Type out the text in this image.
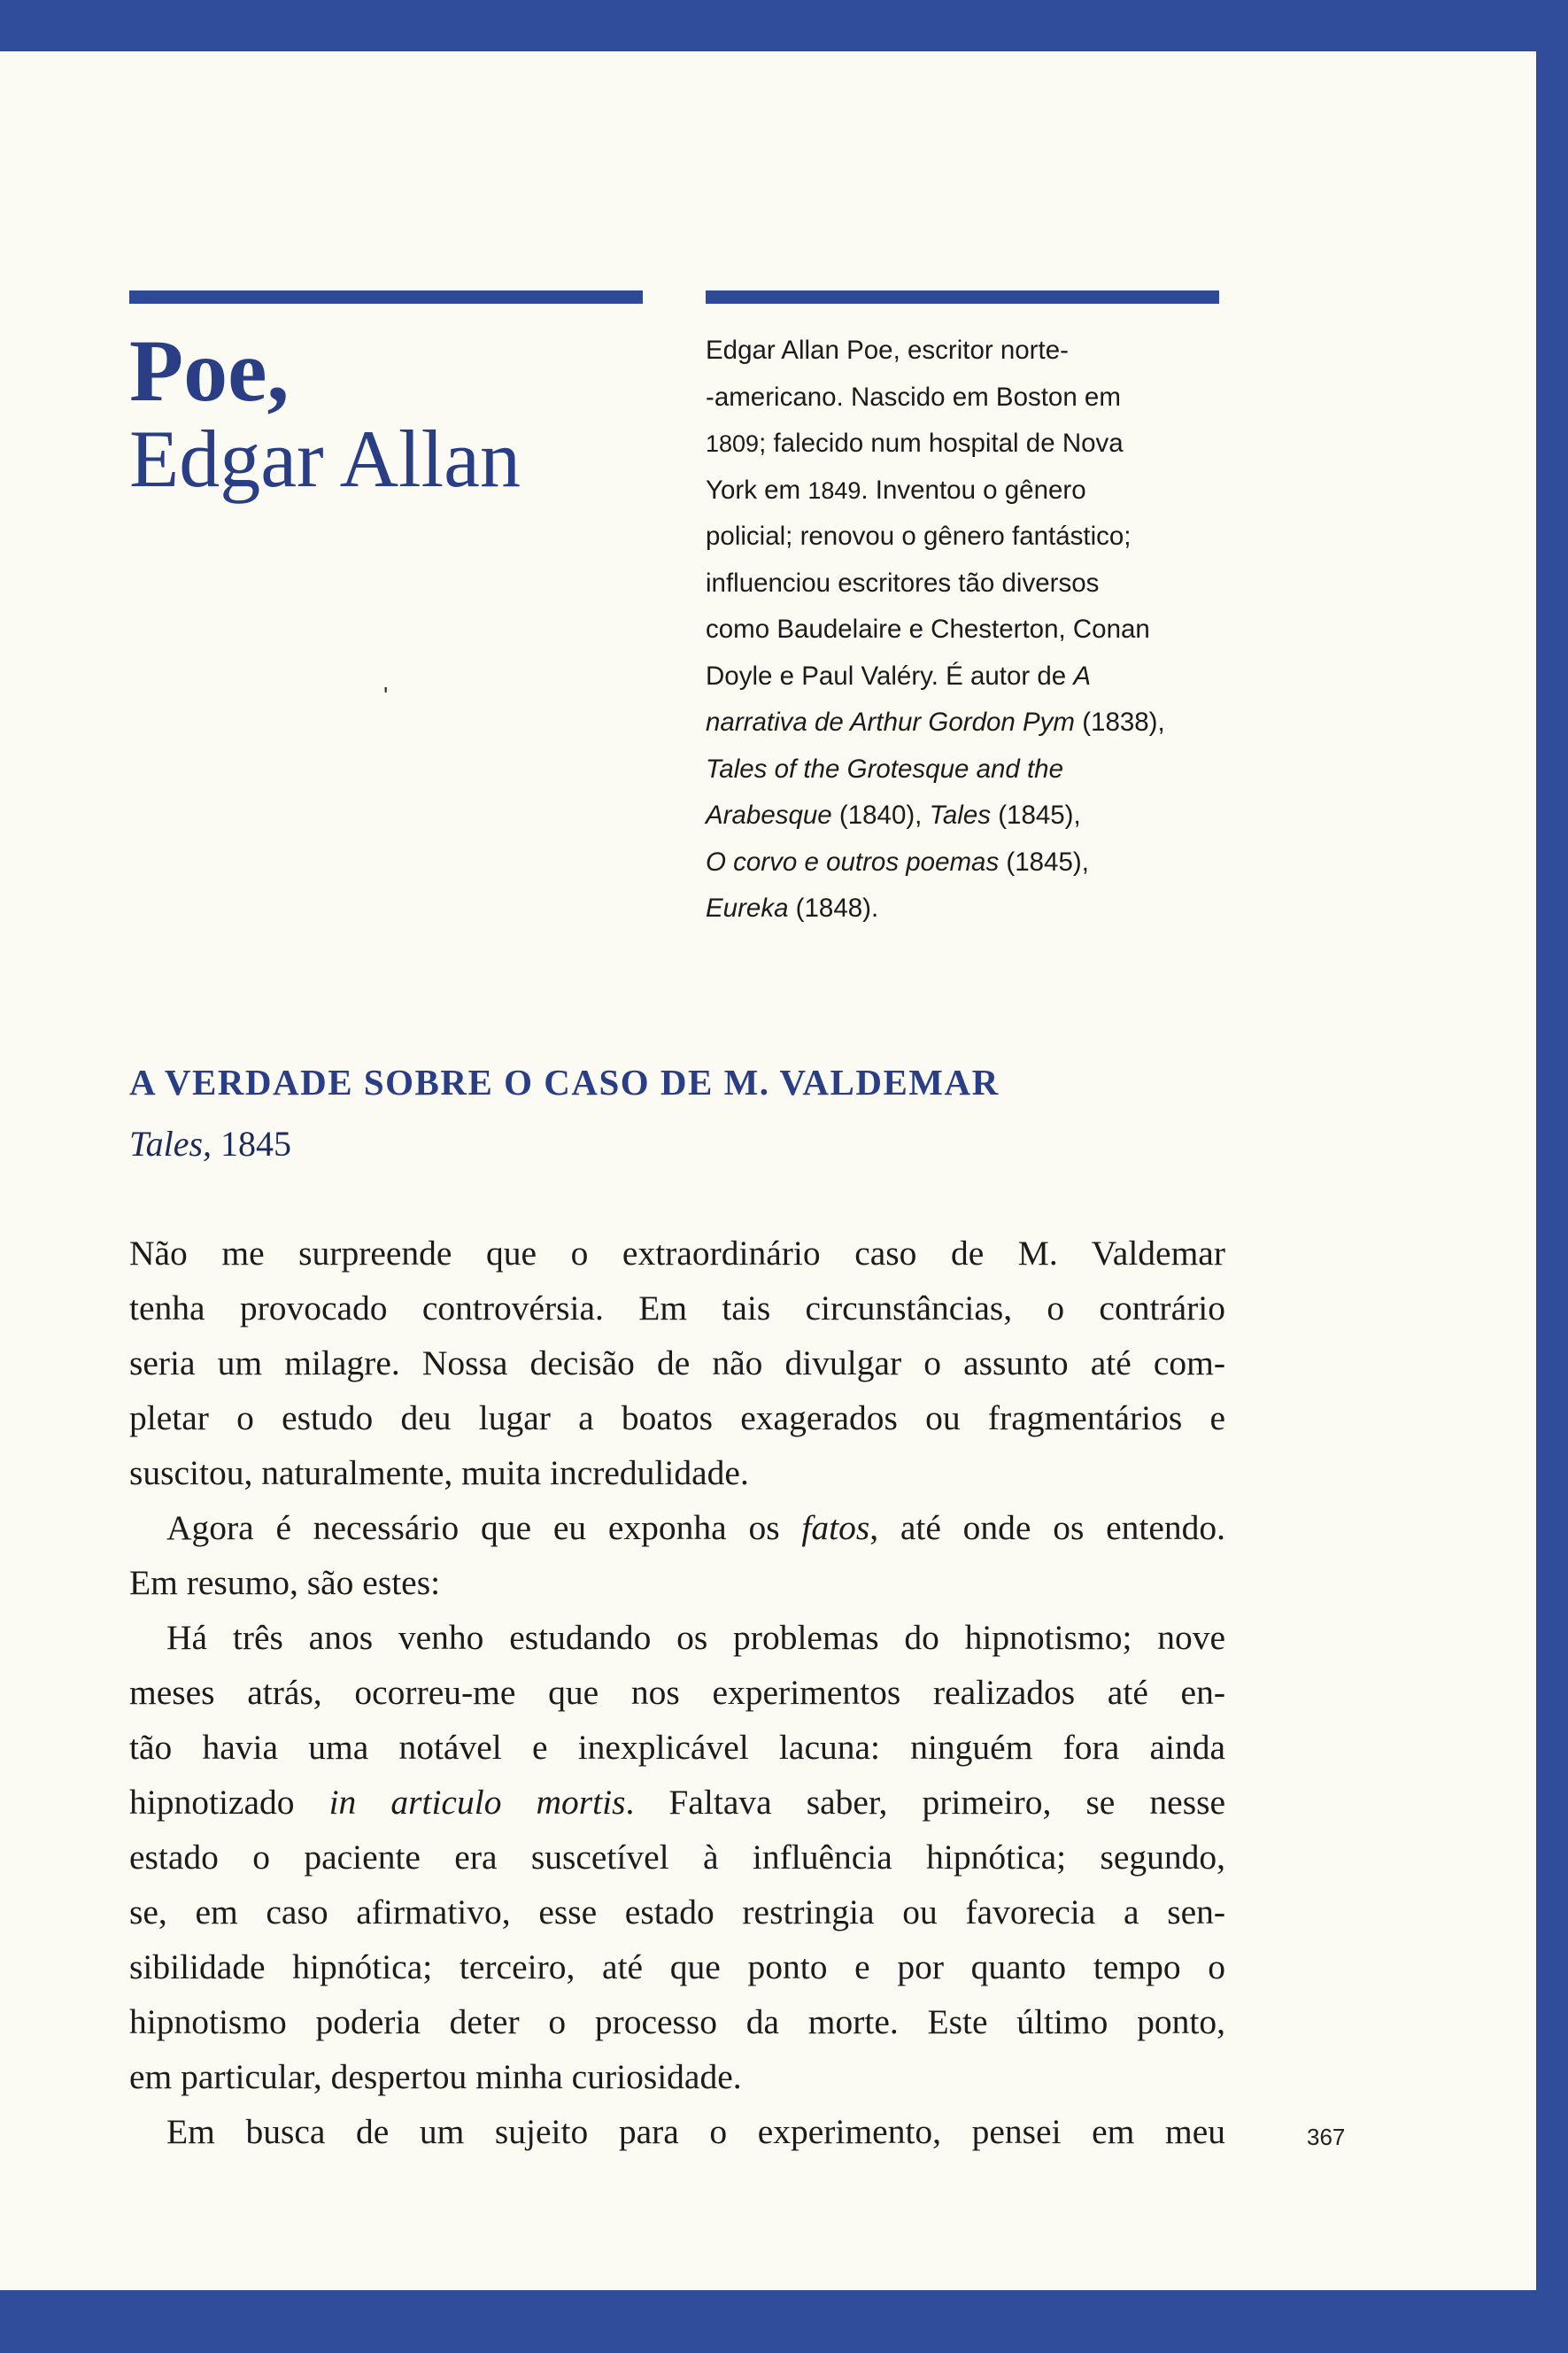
Poe,
Edgar Allan
'

Edgar Allan Poe, escritor norte-

-americano. Nascido em Boston em

1809; falecido num hospital de Nova

York em 1849. Inventou o gênero

policial; renovou o gênero fantástico;

influenciou escritores tão diversos

como Baudelaire e Chesterton, Conan

Doyle e Paul Valéry. É autor de A

narrativa de Arthur Gordon Pym (1838),

Tales of the Grotesque and the

Arabesque (1840), Tales (1845),

O corvo e outros poemas (1845),

Eureka (1848).

A VERDADE SOBRE O CASO DE M. VALDEMAR
Tales, 1845

Não me surpreende que o extraordinário caso de M. Valdemar

tenha provocado controvérsia. Em tais circunstâncias, o contrário

seria um milagre. Nossa decisão de não divulgar o assunto até com-

pletar o estudo deu lugar a boatos exagerados ou fragmentários e

suscitou, naturalmente, muita incredulidade.

Agora é necessário que eu exponha os fatos, até onde os entendo.

Em resumo, são estes:

Há três anos venho estudando os problemas do hipnotismo; nove

meses atrás, ocorreu-me que nos experimentos realizados até en-

tão havia uma notável e inexplicável lacuna: ninguém fora ainda

hipnotizado in articulo mortis. Faltava saber, primeiro, se nesse

estado o paciente era suscetível à influência hipnótica; segundo,

se, em caso afirmativo, esse estado restringia ou favorecia a sen-

sibilidade hipnótica; terceiro, até que ponto e por quanto tempo o

hipnotismo poderia deter o processo da morte. Este último ponto,

em particular, despertou minha curiosidade.

Em busca de um sujeito para o experimento, pensei em meu	367
